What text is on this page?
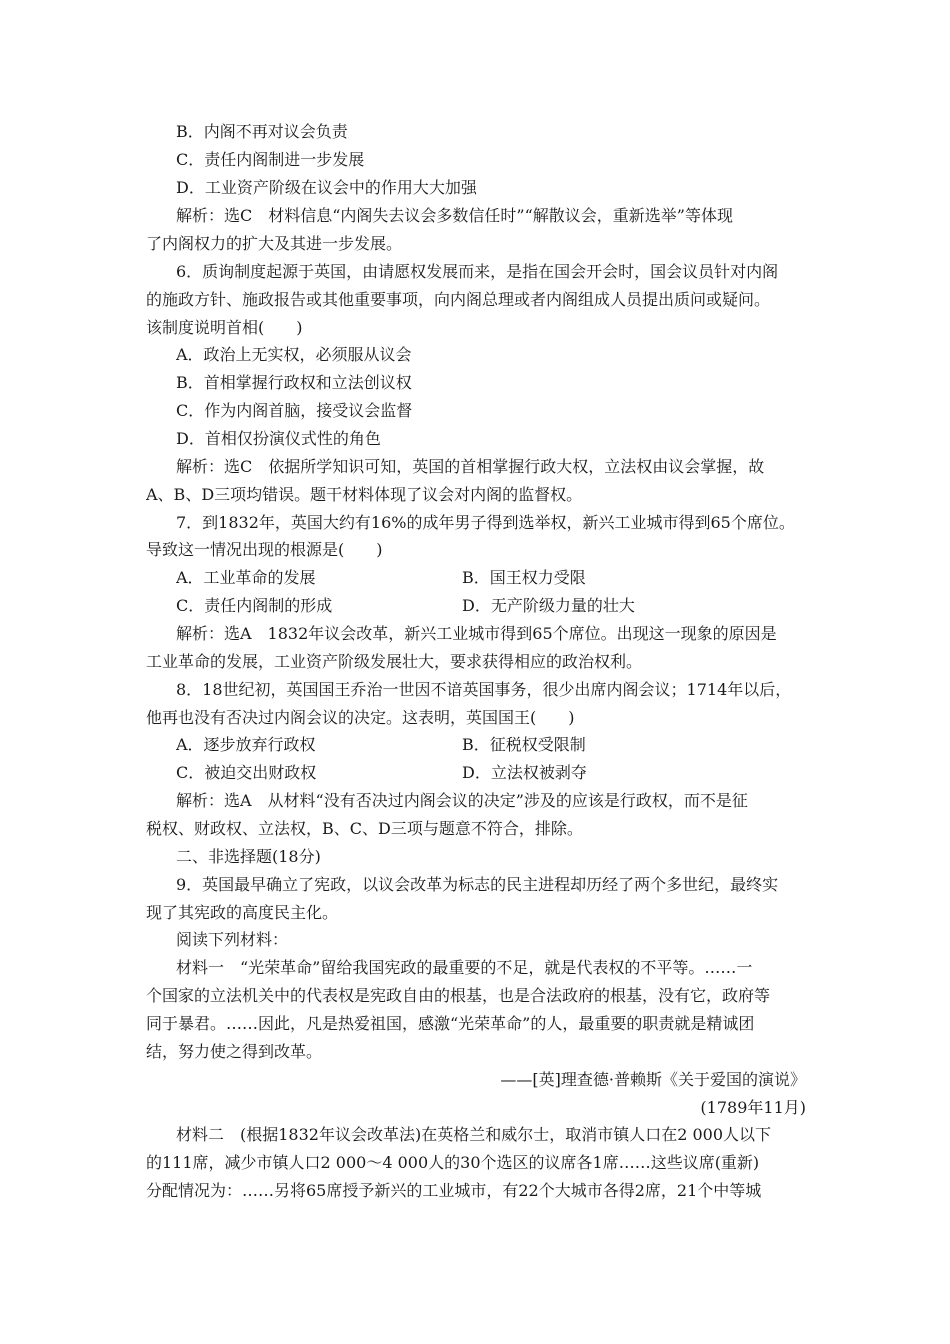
B．内阁不再对议会负责
C．责任内阁制进一步发展
D．工业资产阶级在议会中的作用大大加强
解析：选C　材料信息“内阁失去议会多数信任时”“解散议会，重新选举”等体现
了内阁权力的扩大及其进一步发展。
6．质询制度起源于英国，由请愿权发展而来，是指在国会开会时，国会议员针对内阁
的施政方针、施政报告或其他重要事项，向内阁总理或者内阁组成人员提出质问或疑问。
该制度说明首相(　　)
A．政治上无实权，必须服从议会
B．首相掌握行政权和立法创议权
C．作为内阁首脑，接受议会监督
D．首相仅扮演仪式性的角色
解析：选C　依据所学知识可知，英国的首相掌握行政大权，立法权由议会掌握，故
A、B、D三项均错误。题干材料体现了议会对内阁的监督权。
7．到1832年，英国大约有16%的成年男子得到选举权，新兴工业城市得到65个席位。
导致这一情况出现的根源是(　　)
A．工业革命的发展	B．国王权力受限
C．责任内阁制的形成	D．无产阶级力量的壮大
解析：选A　1832年议会改革，新兴工业城市得到65个席位。出现这一现象的原因是
工业革命的发展，工业资产阶级发展壮大，要求获得相应的政治权利。
8．18世纪初，英国国王乔治一世因不谙英国事务，很少出席内阁会议；1714年以后，
他再也没有否决过内阁会议的决定。这表明，英国国王(　　)
A．逐步放弃行政权	B．征税权受限制
C．被迫交出财政权	D．立法权被剥夺
解析：选A　从材料“没有否决过内阁会议的决定”涉及的应该是行政权，而不是征
税权、财政权、立法权，B、C、D三项与题意不符合，排除。
二、非选择题(18分)
9．英国最早确立了宪政，以议会改革为标志的民主进程却历经了两个多世纪，最终实
现了其宪政的高度民主化。
阅读下列材料：
材料一　“光荣革命”留给我国宪政的最重要的不足，就是代表权的不平等。……一
个国家的立法机关中的代表权是宪政自由的根基，也是合法政府的根基，没有它，政府等
同于暴君。……因此，凡是热爱祖国，感激“光荣革命”的人，最重要的职责就是精诚团
结，努力使之得到改革。
——[英]理查德·普赖斯《关于爱国的演说》
(1789年11月)
材料二　(根据1832年议会改革法)在英格兰和威尔士，取消市镇人口在2 000人以下
的111席，减少市镇人口2 000～4 000人的30个选区的议席各1席……这些议席(重新)
分配情况为：……另将65席授予新兴的工业城市，有22个大城市各得2席，21个中等城
